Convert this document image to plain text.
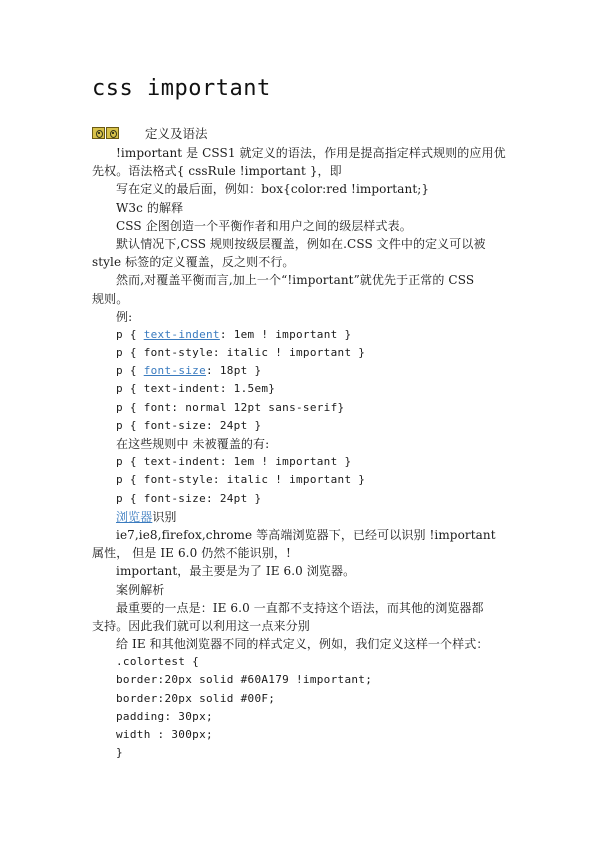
css important
定义及语法
!important 是 CSS1 就定义的语法，作用是提高指定样式规则的应用优
先权。语法格式{ cssRule !important }，即
写在定义的最后面，例如：box{color:red !important;}
W3c 的解释
CSS 企图创造一个平衡作者和用户之间的级层样式表。
默认情况下,CSS 规则按级层覆盖，例如在.CSS 文件中的定义可以被
style 标签的定义覆盖，反之则不行。
然而,对覆盖平衡而言,加上一个“!important”就优先于正常的 CSS
规则。
例:
p { text-indent: 1em ! important }
p { font-style: italic ! important }
p { font-size: 18pt }
p { text-indent: 1.5em}
p { font: normal 12pt sans-serif}
p { font-size: 24pt }
在这些规则中 未被覆盖的有:
p { text-indent: 1em ! important }
p { font-style: italic ! important }
p { font-size: 24pt }
浏览器识别
ie7,ie8,firefox,chrome 等高端浏览器下，已经可以识别 !important
属性， 但是 IE 6.0 仍然不能识别，!
important，最主要是为了 IE 6.0 浏览器。
案例解析
最重要的一点是：IE 6.0 一直都不支持这个语法，而其他的浏览器都
支持。因此我们就可以利用这一点来分别
给 IE 和其他浏览器不同的样式定义，例如，我们定义这样一个样式：
.colortest {
border:20px solid #60A179 !important;
border:20px solid #00F;
padding: 30px;
width : 300px;
}
